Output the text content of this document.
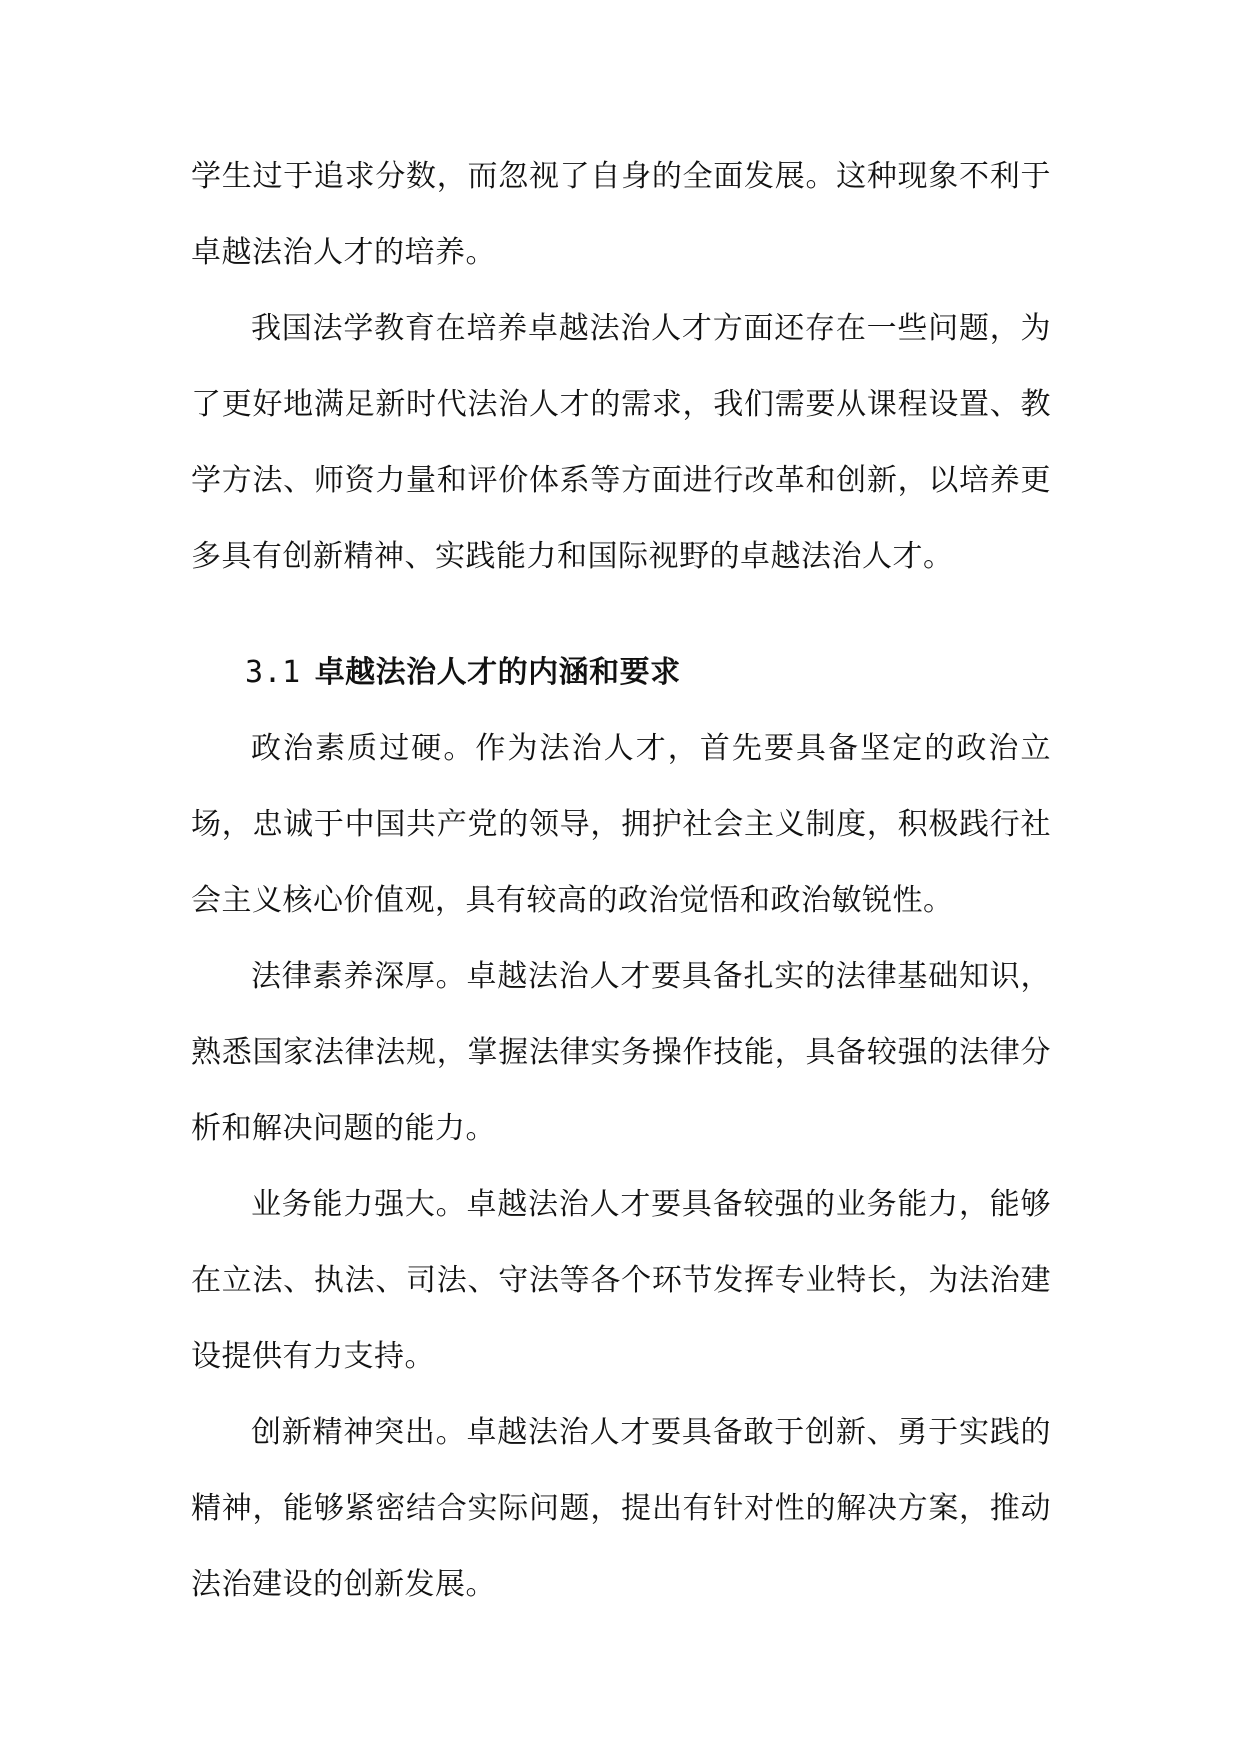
学生过于追求分数，而忽视了自身的全面发展。这种现象不利于卓越法治人才的培养。

我国法学教育在培养卓越法治人才方面还存在一些问题，为了更好地满足新时代法治人才的需求，我们需要从课程设置、教学方法、师资力量和评价体系等方面进行改革和创新，以培养更多具有创新精神、实践能力和国际视野的卓越法治人才。

3.1 卓越法治人才的内涵和要求

政治素质过硬。作为法治人才，首先要具备坚定的政治立场，忠诚于中国共产党的领导，拥护社会主义制度，积极践行社会主义核心价值观，具有较高的政治觉悟和政治敏锐性。

法律素养深厚。卓越法治人才要具备扎实的法律基础知识，熟悉国家法律法规，掌握法律实务操作技能，具备较强的法律分析和解决问题的能力。

业务能力强大。卓越法治人才要具备较强的业务能力，能够在立法、执法、司法、守法等各个环节发挥专业特长，为法治建设提供有力支持。

创新精神突出。卓越法治人才要具备敢于创新、勇于实践的精神，能够紧密结合实际问题，提出有针对性的解决方案，推动法治建设的创新发展。
